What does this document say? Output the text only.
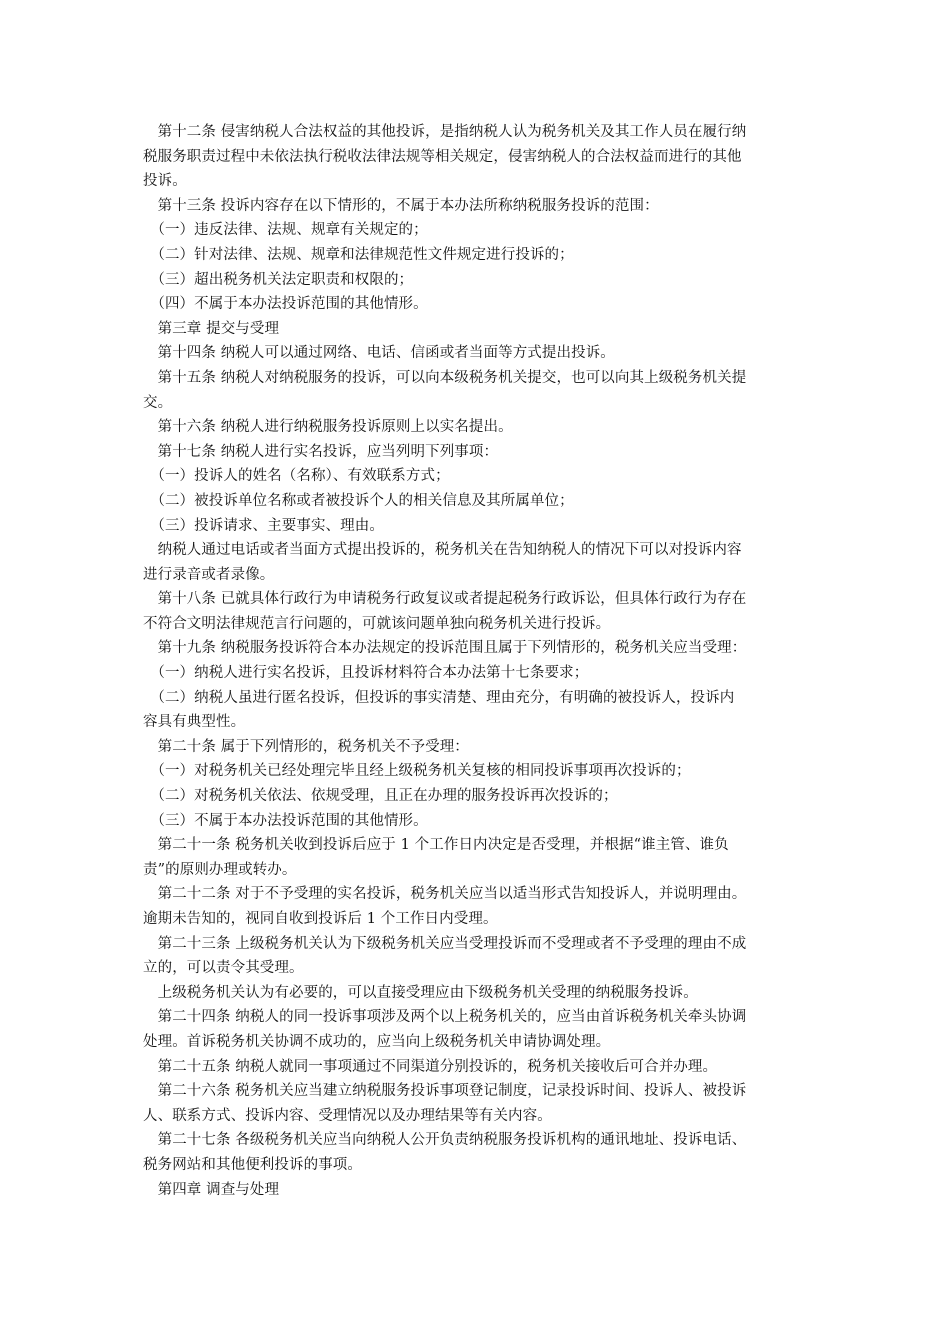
　第十二条 侵害纳税人合法权益的其他投诉，是指纳税人认为税务机关及其工作人员在履行纳
税服务职责过程中未依法执行税收法律法规等相关规定，侵害纳税人的合法权益而进行的其他
投诉。
　第十三条 投诉内容存在以下情形的，不属于本办法所称纳税服务投诉的范围：
　（一）违反法律、法规、规章有关规定的；
　（二）针对法律、法规、规章和法律规范性文件规定进行投诉的；
　（三）超出税务机关法定职责和权限的；
　（四）不属于本办法投诉范围的其他情形。
　第三章 提交与受理
　第十四条 纳税人可以通过网络、电话、信函或者当面等方式提出投诉。
　第十五条 纳税人对纳税服务的投诉，可以向本级税务机关提交，也可以向其上级税务机关提
交。
　第十六条 纳税人进行纳税服务投诉原则上以实名提出。
　第十七条 纳税人进行实名投诉，应当列明下列事项：
　（一）投诉人的姓名（名称）、有效联系方式；
　（二）被投诉单位名称或者被投诉个人的相关信息及其所属单位；
　（三）投诉请求、主要事实、理由。
　纳税人通过电话或者当面方式提出投诉的，税务机关在告知纳税人的情况下可以对投诉内容
进行录音或者录像。
　第十八条 已就具体行政行为申请税务行政复议或者提起税务行政诉讼，但具体行政行为存在
不符合文明法律规范言行问题的，可就该问题单独向税务机关进行投诉。
　第十九条 纳税服务投诉符合本办法规定的投诉范围且属于下列情形的，税务机关应当受理：
　（一）纳税人进行实名投诉，且投诉材料符合本办法第十七条要求；
　（二）纳税人虽进行匿名投诉，但投诉的事实清楚、理由充分，有明确的被投诉人，投诉内
容具有典型性。
　第二十条 属于下列情形的，税务机关不予受理：
　（一）对税务机关已经处理完毕且经上级税务机关复核的相同投诉事项再次投诉的；
　（二）对税务机关依法、依规受理，且正在办理的服务投诉再次投诉的；
　（三）不属于本办法投诉范围的其他情形。
　第二十一条 税务机关收到投诉后应于 1 个工作日内决定是否受理，并根据“谁主管、谁负
责”的原则办理或转办。
　第二十二条 对于不予受理的实名投诉，税务机关应当以适当形式告知投诉人，并说明理由。
逾期未告知的，视同自收到投诉后 1 个工作日内受理。
　第二十三条 上级税务机关认为下级税务机关应当受理投诉而不受理或者不予受理的理由不成
立的，可以责令其受理。
　上级税务机关认为有必要的，可以直接受理应由下级税务机关受理的纳税服务投诉。
　第二十四条 纳税人的同一投诉事项涉及两个以上税务机关的，应当由首诉税务机关牵头协调
处理。首诉税务机关协调不成功的，应当向上级税务机关申请协调处理。
　第二十五条 纳税人就同一事项通过不同渠道分别投诉的，税务机关接收后可合并办理。
　第二十六条 税务机关应当建立纳税服务投诉事项登记制度，记录投诉时间、投诉人、被投诉
人、联系方式、投诉内容、受理情况以及办理结果等有关内容。
　第二十七条 各级税务机关应当向纳税人公开负责纳税服务投诉机构的通讯地址、投诉电话、
税务网站和其他便利投诉的事项。
　第四章 调查与处理
